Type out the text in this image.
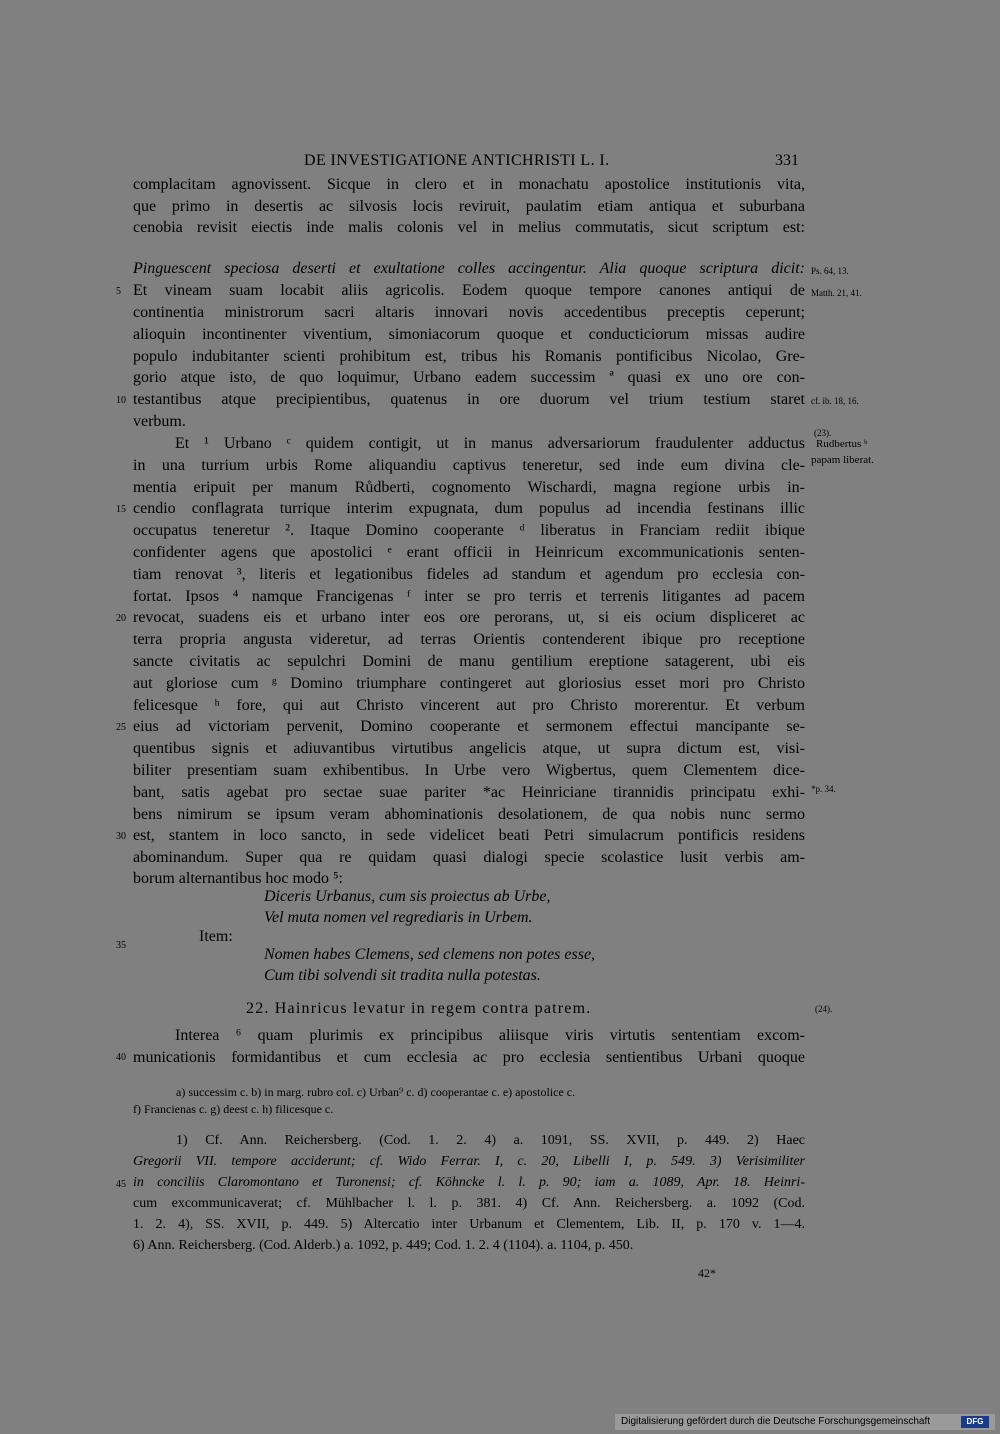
DE INVESTIGATIONE ANTICHRISTI L. I.	331
complacitam agnovissent. Sicque in clero et in monachatu apostolice institutionis vita,
que primo in desertis ac silvosis locis reviruit, paulatim etiam antiqua et suburbana
cenobia revisit eiectis inde malis colonis vel in melius commutatis, sicut scriptum est:
Pinguescent speciosa deserti et exultatione colles accingentur. Alia quoque scriptura dicit:
Et vineam suam locabit aliis agricolis. Eodem quoque tempore canones antiqui de
continentia ministrorum sacri altaris innovari novis accedentibus preceptis ceperunt;
alioquin incontinenter viventium, simoniacorum quoque et conducticiorum missas audire
populo indubitanter scienti prohibitum est, tribus his Romanis pontificibus Nicolao, Gre-
gorio atque isto, de quo loquimur, Urbano eadem successim ª quasi ex uno ore con-
testantibus atque precipientibus, quatenus in ore duorum vel trium testium staret
verbum.
Et ¹ Urbano ᶜ quidem contigit, ut in manus adversariorum fraudulenter adductus
in una turrium urbis Rome aliquandiu captivus teneretur, sed inde eum divina cle-
mentia eripuit per manum Růdberti, cognomento Wischardi, magna regione urbis in-
cendio conflagrata turrique interim expugnata, dum populus ad incendia festinans illic
occupatus teneretur ². Itaque Domino cooperante ᵈ liberatus in Franciam rediit ibique
confidenter agens que apostolici ᵉ erant officii in Heinricum excommunicationis senten-
tiam renovat ³, literis et legationibus fideles ad standum et agendum pro ecclesia con-
fortat. Ipsos ⁴ namque Francigenas ᶠ inter se pro terris et terrenis litigantes ad pacem
revocat, suadens eis et urbano inter eos ore perorans, ut, si eis ocium displiceret ac
terra propria angusta videretur, ad terras Orientis contenderent ibique pro receptione
sancte civitatis ac sepulchri Domini de manu gentilium ereptione satagerent, ubi eis
aut gloriose cum ᵍ Domino triumphare contingeret aut gloriosius esset mori pro Christo
felicesque ʰ fore, qui aut Christo vincerent aut pro Christo morerentur. Et verbum
eius ad victoriam pervenit, Domino cooperante et sermonem effectui mancipante se-
quentibus signis et adiuvantibus virtutibus angelicis atque, ut supra dictum est, visi-
biliter presentiam suam exhibentibus. In Urbe vero Wigbertus, quem Clementem dice-
bant, satis agebat pro sectae suae pariter *ac Heinriciane tirannidis principatu exhi-
bens nimirum se ipsum veram abhominationis desolationem, de qua nobis nunc sermo
est, stantem in loco sancto, in sede videlicet beati Petri simulacrum pontificis residens
abominandum. Super qua re quidam quasi dialogi specie scolastice lusit verbis am-
borum alternantibus hoc modo ⁵:
5
10
15
20
25
30
35
40
45
Ps. 64, 13.
Matth. 21, 41.
cf. ib. 18, 16.
(23).
Rudbertus ᵇ
papam liberat.
*p. 34.
Diceris Urbanus, cum sis proiectus ab Urbe,
Vel muta nomen vel regrediaris in Urbem.
Item:
Nomen habes Clemens, sed clemens non potes esse,
Cum tibi solvendi sit tradita nulla potestas.
22. Hainricus levatur in regem contra patrem.	(24).
Interea ⁶ quam plurimis ex principibus aliisque viris virtutis sententiam excom-
municationis formidantibus et cum ecclesia ac pro ecclesia sentientibus Urbani quoque
a) successim c. b) in marg. rubro col. c) Urban⁹ c. d) cooperantae c. e) apostolice c.
f) Francienas c. g) deest c. h) filicesque c.
1) Cf. Ann. Reichersberg. (Cod. 1. 2. 4) a. 1091, SS. XVII, p. 449. 2) Haec
Gregorii VII. tempore acciderunt; cf. Wido Ferrar. I, c. 20, Libelli I, p. 549. 3) Verisimiliter
in conciliis Claromontano et Turonensi; cf. Köhncke l. l. p. 90; iam a. 1089, Apr. 18. Heinri-
cum excommunicaverat; cf. Mühlbacher l. l. p. 381. 4) Cf. Ann. Reichersberg. a. 1092 (Cod.
1. 2. 4), SS. XVII, p. 449. 5) Altercatio inter Urbanum et Clementem, Lib. II, p. 170 v. 1—4.
6) Ann. Reichersberg. (Cod. Alderb.) a. 1092, p. 449; Cod. 1. 2. 4 (1104). a. 1104, p. 450.
42*
Digitalisierung gefördert durch die Deutsche Forschungsgemeinschaft	DFG
